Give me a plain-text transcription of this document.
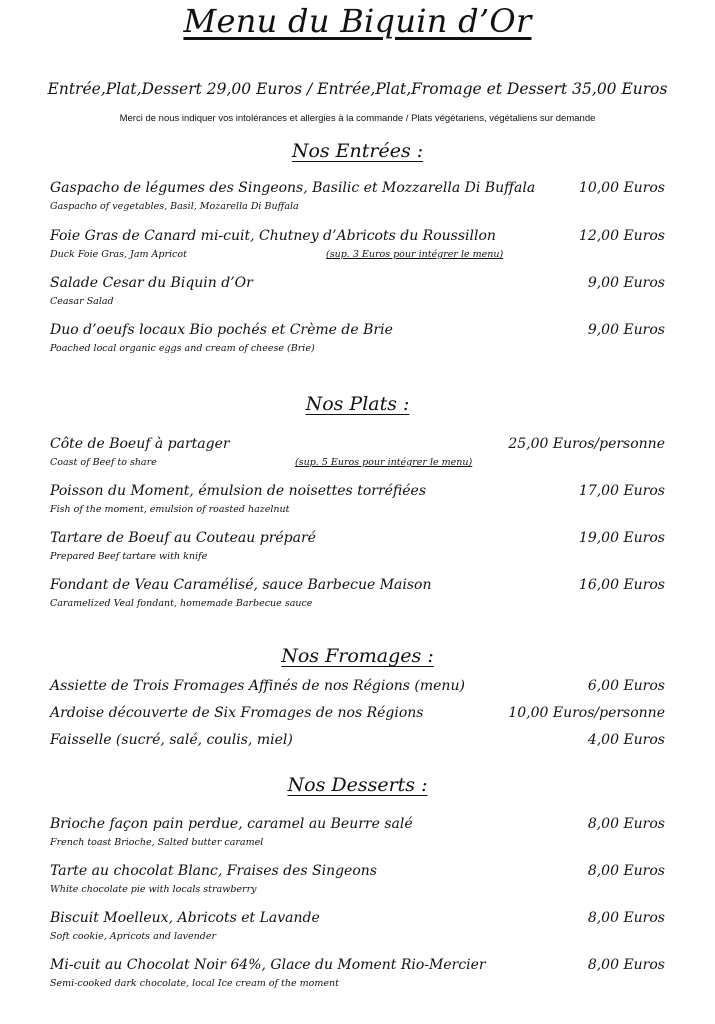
Menu du Biquin d’Or
Entrée,Plat,Dessert 29,00 Euros / Entrée,Plat,Fromage et Dessert 35,00 Euros
Merci de nous indiquer vos intolérances et allergies à la commande / Plats végétariens, végétaliens sur demande
Nos Entrées :
Gaspacho de légumes des Singeons, Basilic et Mozzarella Di Buffala	10,00 Euros
Gaspacho of vegetables, Basil, Mozarella Di Buffala
Foie Gras de Canard mi-cuit, Chutney d’Abricots du Roussillon	12,00 Euros
Duck Foie Gras, Jam Apricot	(sup. 3 Euros pour intégrer le menu)
Salade Cesar du Biquin d’Or	9,00 Euros
Ceasar Salad
Duo d’oeufs locaux Bio pochés et Crème de Brie	9,00 Euros
Poached local organic eggs and cream of cheese (Brie)
Nos Plats :
Côte de Boeuf à partager	25,00 Euros/personne
Coast of Beef to share	(sup. 5 Euros pour intégrer le menu)
Poisson du Moment, émulsion de noisettes torréfiées	17,00 Euros
Fish of the moment, emulsion of roasted hazelnut
Tartare de Boeuf au Couteau préparé	19,00 Euros
Prepared Beef tartare with knife
Fondant de Veau Caramélisé, sauce Barbecue Maison	16,00 Euros
Caramelized Veal fondant, homemade Barbecue sauce
Nos Fromages :
Assiette de Trois Fromages Affinés de nos Régions (menu)	6,00 Euros
Ardoise découverte de Six Fromages de nos Régions	10,00 Euros/personne
Faisselle (sucré, salé, coulis, miel)	4,00 Euros
Nos Desserts :
Brioche façon pain perdue, caramel au Beurre salé	8,00 Euros
French toast Brioche, Salted butter caramel
Tarte au chocolat Blanc, Fraises des Singeons	8,00 Euros
White chocolate pie with locals strawberry
Biscuit Moelleux, Abricots et Lavande	8,00 Euros
Soft cookie, Apricots and lavender
Mi-cuit au Chocolat Noir 64%, Glace du Moment Rio-Mercier	8,00 Euros
Semi-cooked dark chocolate, local Ice cream of the moment
